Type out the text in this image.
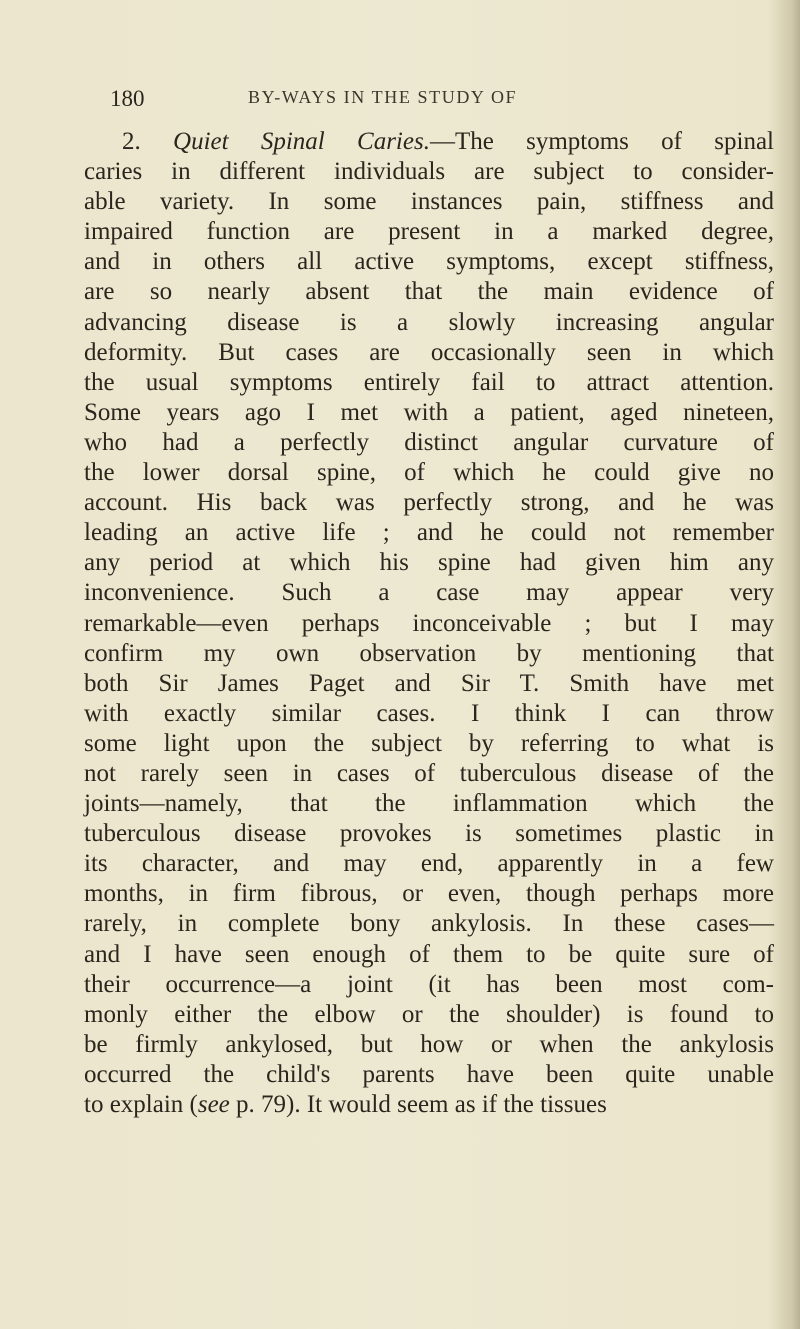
180	BY-WAYS IN THE STUDY OF
2. Quiet Spinal Caries.—The symptoms of spinal
caries in different individuals are subject to consider-
able variety. In some instances pain, stiffness and
impaired function are present in a marked degree,
and in others all active symptoms, except stiffness,
are so nearly absent that the main evidence of
advancing disease is a slowly increasing angular
deformity. But cases are occasionally seen in which
the usual symptoms entirely fail to attract attention.
Some years ago I met with a patient, aged nineteen,
who had a perfectly distinct angular curvature of
the lower dorsal spine, of which he could give no
account. His back was perfectly strong, and he was
leading an active life ; and he could not remember
any period at which his spine had given him any
inconvenience. Such a case may appear very
remarkable—even perhaps inconceivable ; but I may
confirm my own observation by mentioning that
both Sir James Paget and Sir T. Smith have met
with exactly similar cases. I think I can throw
some light upon the subject by referring to what is
not rarely seen in cases of tuberculous disease of the
joints—namely, that the inflammation which the
tuberculous disease provokes is sometimes plastic in
its character, and may end, apparently in a few
months, in firm fibrous, or even, though perhaps more
rarely, in complete bony ankylosis. In these cases—
and I have seen enough of them to be quite sure of
their occurrence—a joint (it has been most com-
monly either the elbow or the shoulder) is found to
be firmly ankylosed, but how or when the ankylosis
occurred the child's parents have been quite unable
to explain (see p. 79). It would seem as if the tissues
